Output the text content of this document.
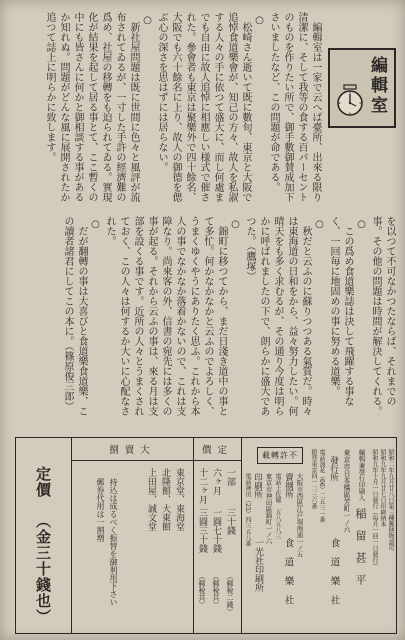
編輯室

編輯室は一家で云へば臺所、出來る限り清潔に、そして我等の食する百パーセントのものを作りたい所で、御手數御賛成加下さいましたなど、この問題が命である。

○

松崎さん逝いて既に數旬、東京と大阪で追悼食道樂會が、知己の方々、故人を私淑する人々の手に依つて盛大に、而し何處までも自由に故人追悼に相應しい様式で催された。參會者も東京は聚樂外で四十餘名、大阪でも六十餘名に上り、故人の御德を偲ぶ心の深さを思はずには居らない。

○

新社屋問題は既に世間に色々と風評が流布されてゐるが、一寸した手許の經濟難の爲め、社屋の移轉をも迫られてゐる。實現化が結果を起して居る事とて、ここ暫くの中にも皆さんに何かと御相談する事があるか知れぬ。問題がどんな風に展開されたか追つて誌上に明らかに致します。

を以つて不可なかつたならば、それまでの事。その他の問題は時間が解決してくれる。

○

この爲め食道樂誌は決して飛躍する事なく、一回毎に地固めの事に努める道樂。

○

秋だと云ふのに蘇りつつある氣質だ。時々は東海道の日和をから、益々努力したい。何晴天をも多く求むるが、その通り今度は明らかに呼ばれましたの下で、朗らかに盛大であつた。（鷹塚）

○

錦町に移つてから、まだ日淺き道中の事とて多忙。何かなかなかと云ふのでよろしく、うまくゆくやうにありたく思ふ。これから本人の事でなかなか落着かないので、これは支障なり。尚來客の外、信書の宛先には多くの事が起る。それから云ふの事は、來る月は支部を設くる事です。近所の人々とうまくされておく、この人々は何するか大いに心配なされた。

○

だが翻轉の事は大喜びと食道樂食道樂、この讀者諸君にしてこの本に。（篠原俊三郎）

昭和二年九月廿八日第三種郵便物認可
昭和九年九月廿七日印刷納本
昭和九年十月一日發行（毎月一回一日發行）
編輯兼發行印刷人
稲　留　甚　平
東京市日本橋區芳町一ノ六
發行所
食　道　樂　社
電話浪花（66）二五三一番
振替東京四一二三六番
不許轉載
大阪市西區江戸堀南通一ノ五
賣捌所
食　道　樂　社
電話土佐堀　五八五八三
東京市神田區錦町一ノ六
印刷所
一光社印刷所
電話神田（25）四三五八番
定價
大賣捌
一部
三十錢
（郵稅二錢）
六ヶ月
一圓七十錢
（郵稅共）
十二ヶ月
三圓三十錢
（郵稅共）
東京堂、東海堂
北隆館、大東館
上田屋、誠文堂
持込は成るべく振替を御利用下さい
郵券代用は一割増
定價
（金三十錢也）
